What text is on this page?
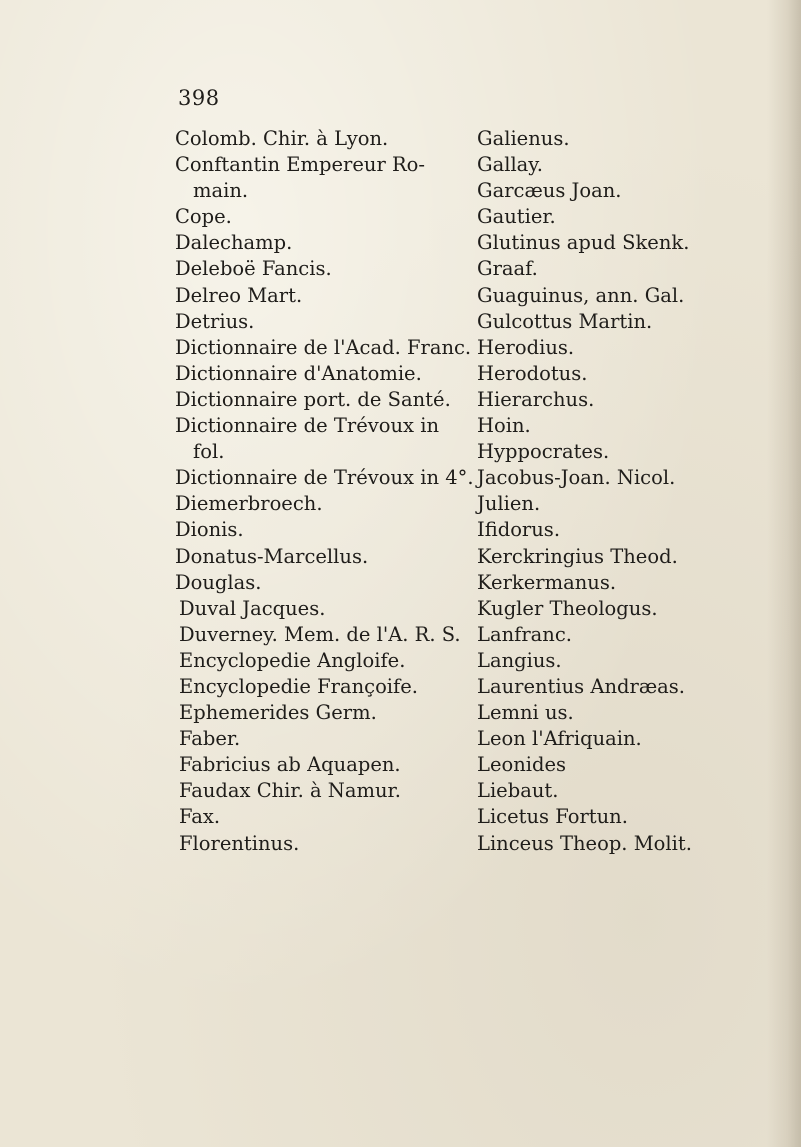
398
Colomb. Chir. à Lyon.
Conftantin Empereur Ro-
main.
Cope.
Dalechamp.
Deleboë Fancis.
Delreo Mart.
Detrius.
Dictionnaire de l'Acad. Franc.
Dictionnaire d'Anatomie.
Dictionnaire port. de Santé.
Dictionnaire de Trévoux in
fol.
Dictionnaire de Trévoux in 4°.
Diemerbroech.
Dionis.
Donatus-Marcellus.
Douglas.
Duval Jacques.
Duverney. Mem. de l'A. R. S.
Encyclopedie Angloife.
Encyclopedie Françoife.
Ephemerides Germ.
Faber.
Fabricius ab Aquapen.
Faudax Chir. à Namur.
Fax.
Florentinus.
Galienus.
Gallay.
Garcæus Joan.
Gautier.
Glutinus apud Skenk.
Graaf.
Guaguinus, ann. Gal.
Gulcottus Martin.
Herodius.
Herodotus.
Hierarchus.
Hoin.
Hyppocrates.
Jacobus-Joan. Nicol.
Julien.
Ifidorus.
Kerckringius Theod.
Kerkermanus.
Kugler Theologus.
Lanfranc.
Langius.
Laurentius Andræas.
Lemni us.
Leon l'Afriquain.
Leonides
Liebaut.
Licetus Fortun.
Linceus Theop. Molit.
